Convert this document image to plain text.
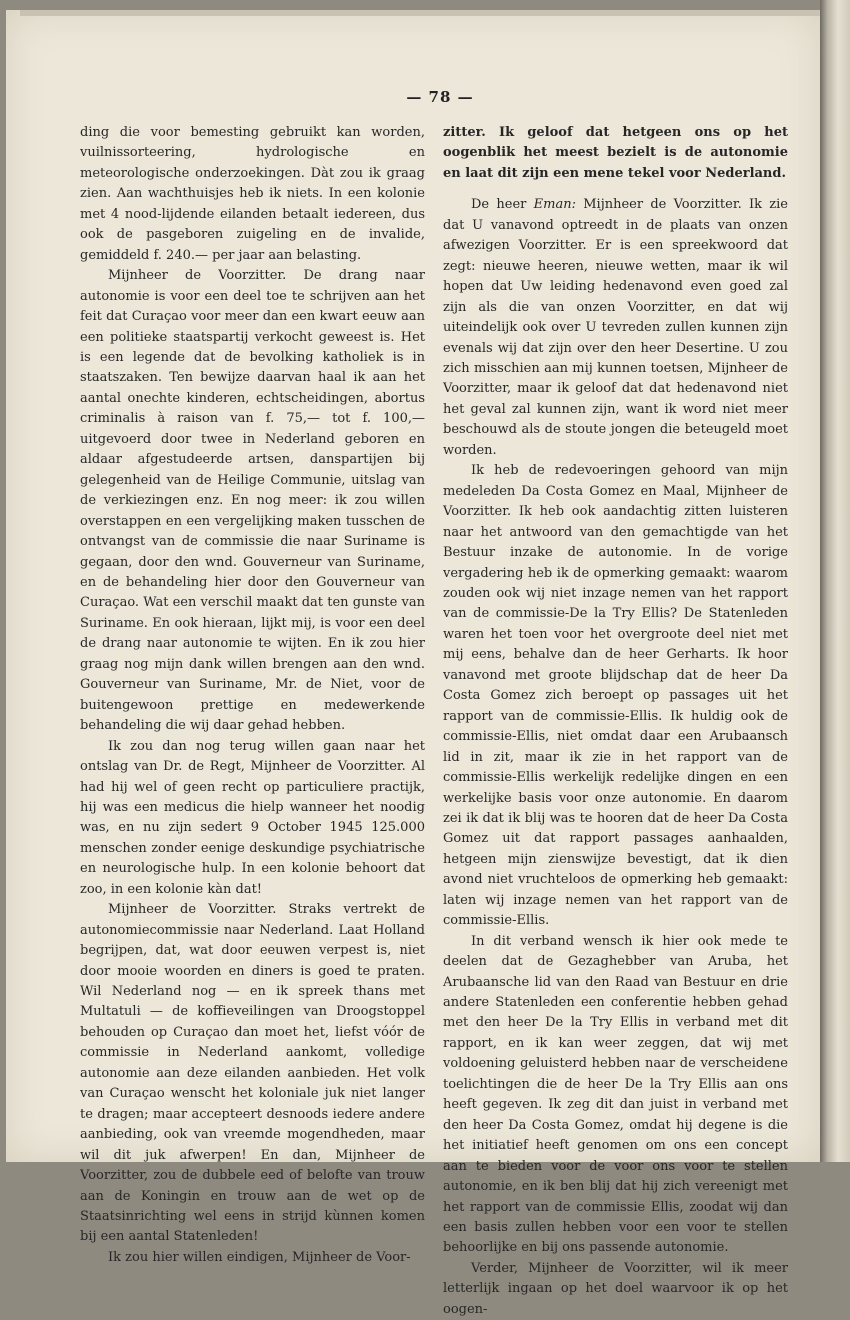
— 78 —

ding die voor bemesting gebruikt kan worden, vuilnissorteering, hydrologische en meteorologische onderzoekingen. Dàt zou ik graag zien. Aan wachthuisjes heb ik niets. In een kolonie met 4 nood-lijdende eilanden betaalt iedereen, dus ook de pasgeboren zuigeling en de invalide, gemiddeld f. 240.— per jaar aan belasting.

Mijnheer de Voorzitter. De drang naar autonomie is voor een deel toe te schrijven aan het feit dat Curaçao voor meer dan een kwart eeuw aan een politieke staatspartij verkocht geweest is. Het is een legende dat de bevolking katholiek is in staatszaken. Ten bewijze daarvan haal ik aan het aantal onechte kinderen, echtscheidingen, abortus criminalis à raison van f. 75,— tot f. 100,— uitgevoerd door twee in Nederland geboren en aldaar afgestudeerde artsen, danspartijen bij gelegenheid van de Heilige Communie, uitslag van de verkiezingen enz. En nog meer: ik zou willen overstappen en een vergelijking maken tusschen de ontvangst van de commissie die naar Suriname is gegaan, door den wnd. Gouverneur van Suriname, en de behandeling hier door den Gouverneur van Curaçao. Wat een verschil maakt dat ten gunste van Suriname. En ook hieraan, lijkt mij, is voor een deel de drang naar autonomie te wijten. En ik zou hier graag nog mijn dank willen brengen aan den wnd. Gouverneur van Suriname, Mr. de Niet, voor de buitengewoon prettige en medewerkende behandeling die wij daar gehad hebben.

Ik zou dan nog terug willen gaan naar het ontslag van Dr. de Regt, Mijnheer de Voorzitter. Al had hij wel of geen recht op particuliere practijk, hij was een medicus die hielp wanneer het noodig was, en nu zijn sedert 9 October 1945 125.000 menschen zonder eenige deskundige psychiatrische en neurologische hulp. In een kolonie behoort dat zoo, in een kolonie kàn dat!

Mijnheer de Voorzitter. Straks vertrekt de autonomiecommissie naar Nederland. Laat Holland begrijpen, dat, wat door eeuwen verpest is, niet door mooie woorden en diners is goed te praten. Wil Nederland nog — en ik spreek thans met Multatuli — de koffieveilingen van Droogstoppel behouden op Curaçao dan moet het, liefst vóór de commissie in Nederland aankomt, volledige autonomie aan deze eilanden aanbieden. Het volk van Curaçao wenscht het koloniale juk niet langer te dragen; maar accepteert desnoods iedere andere aanbieding, ook van vreemde mogendheden, maar wil dit juk afwerpen! En dan, Mijnheer de Voorzitter, zou de dubbele eed of belofte van trouw aan de Koningin en trouw aan de wet op de Staatsinrichting wel eens in strijd kùnnen komen bij een aantal Statenleden!

Ik zou hier willen eindigen, Mijnheer de Voor-

zitter. Ik geloof dat hetgeen ons op het oogenblik het meest bezielt is de autonomie en laat dit zijn een mene tekel voor Nederland.

De heer Eman: Mijnheer de Voorzitter. Ik zie dat U vanavond optreedt in de plaats van onzen afwezigen Voorzitter. Er is een spreekwoord dat zegt: nieuwe heeren, nieuwe wetten, maar ik wil hopen dat Uw leiding hedenavond even goed zal zijn als die van onzen Voorzitter, en dat wij uiteindelijk ook over U tevreden zullen kunnen zijn evenals wij dat zijn over den heer Desertine. U zou zich misschien aan mij kunnen toetsen, Mijnheer de Voorzitter, maar ik geloof dat dat hedenavond niet het geval zal kunnen zijn, want ik word niet meer beschouwd als de stoute jongen die beteugeld moet worden.

Ik heb de redevoeringen gehoord van mijn medeleden Da Costa Gomez en Maal, Mijnheer de Voorzitter. Ik heb ook aandachtig zitten luisteren naar het antwoord van den gemachtigde van het Bestuur inzake de autonomie. In de vorige vergadering heb ik de opmerking gemaakt: waarom zouden ook wij niet inzage nemen van het rapport van de commissie-De la Try Ellis? De Statenleden waren het toen voor het overgroote deel niet met mij eens, behalve dan de heer Gerharts. Ik hoor vanavond met groote blijdschap dat de heer Da Costa Gomez zich beroept op passages uit het rapport van de commissie-Ellis. Ik huldig ook de commissie-Ellis, niet omdat daar een Arubaansch lid in zit, maar ik zie in het rapport van de commissie-Ellis werkelijk redelijke dingen en een werkelijke basis voor onze autonomie. En daarom zei ik dat ik blij was te hooren dat de heer Da Costa Gomez uit dat rapport passages aanhaalden, hetgeen mijn zienswijze bevestigt, dat ik dien avond niet vruchteloos de opmerking heb gemaakt: laten wij inzage nemen van het rapport van de commissie-Ellis.

In dit verband wensch ik hier ook mede te deelen dat de Gezaghebber van Aruba, het Arubaansche lid van den Raad van Bestuur en drie andere Statenleden een conferentie hebben gehad met den heer De la Try Ellis in verband met dit rapport, en ik kan weer zeggen, dat wij met voldoening geluisterd hebben naar de verscheidene toelichtingen die de heer De la Try Ellis aan ons heeft gegeven. Ik zeg dit dan juist in verband met den heer Da Costa Gomez, omdat hij degene is die het initiatief heeft genomen om ons een concept aan te bieden voor de voor ons voor te stellen autonomie, en ik ben blij dat hij zich vereenigt met het rapport van de commissie Ellis, zoodat wij dan een basis zullen hebben voor een voor te stellen behoorlijke en bij ons passende autonomie.

Verder, Mijnheer de Voorzitter, wil ik meer letterlijk ingaan op het doel waarvoor ik op het oogen-
